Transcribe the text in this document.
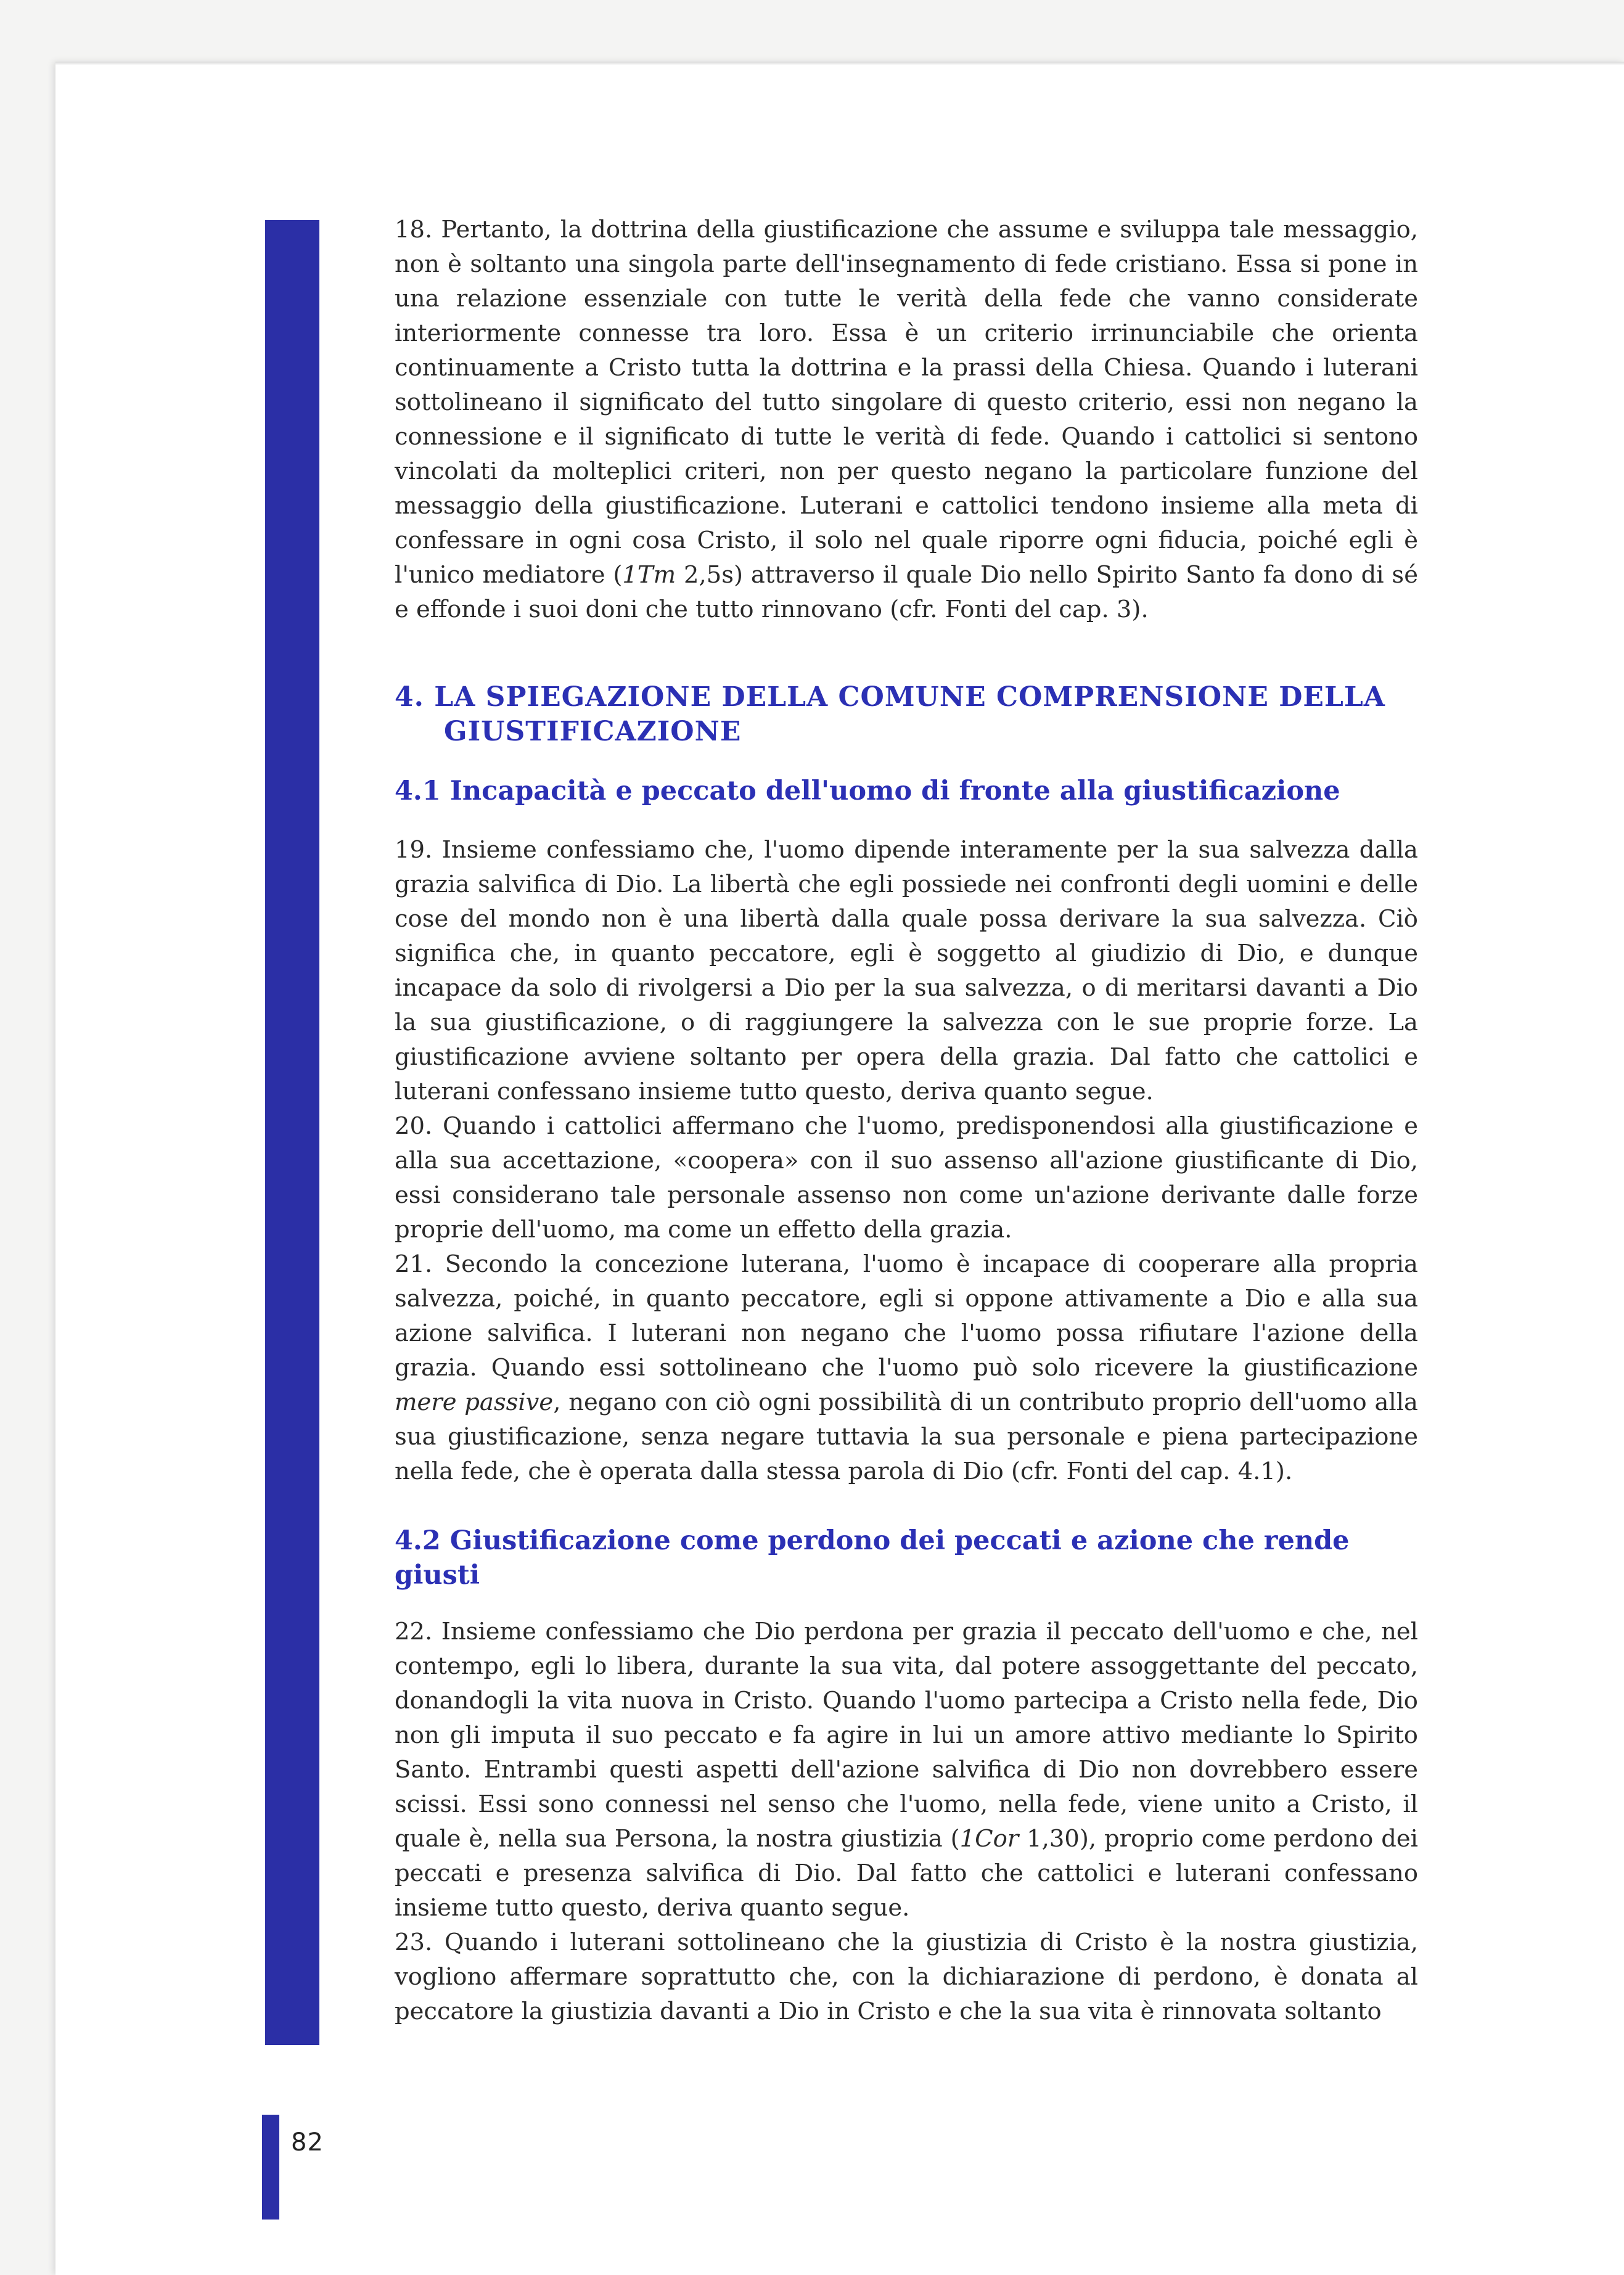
82

18. Pertanto, la dottrina della giustificazione che assume e sviluppa tale messaggio, non è soltanto una singola parte dell'insegnamento di fede cristiano. Essa si pone in una relazione essenziale con tutte le verità della fede che vanno considerate interiormente connesse tra loro. Essa è un criterio irrinunciabile che orienta continuamente a Cristo tutta la dottrina e la prassi della Chiesa. Quando i luterani sottolineano il significato del tutto singolare di questo criterio, essi non negano la connessione e il significato di tutte le verità di fede. Quando i cattolici si sentono vincolati da molteplici criteri, non per questo negano la particolare funzione del messaggio della giustificazione. Luterani e cattolici tendono insieme alla meta di confessare in ogni cosa Cristo, il solo nel quale riporre ogni fiducia, poiché egli è l'unico mediatore (1Tm 2,5s) attraverso il quale Dio nello Spirito Santo fa dono di sé e effonde i suoi doni che tutto rinnovano (cfr. Fonti del cap. 3).

4. LA SPIEGAZIONE DELLA COMUNE COMPRENSIONE DELLA GIUSTIFICAZIONE
4.1 Incapacità e peccato dell'uomo di fronte alla giustificazione

19. Insieme confessiamo che, l'uomo dipende interamente per la sua salvezza dalla grazia salvifica di Dio. La libertà che egli possiede nei confronti degli uomini e delle cose del mondo non è una libertà dalla quale possa derivare la sua salvezza. Ciò significa che, in quanto peccatore, egli è soggetto al giudizio di Dio, e dunque incapace da solo di rivolgersi a Dio per la sua salvezza, o di meritarsi davanti a Dio la sua giustificazione, o di raggiungere la salvezza con le sue proprie forze. La giustificazione avviene soltanto per opera della grazia. Dal fatto che cattolici e luterani confessano insieme tutto questo, deriva quanto segue.

20. Quando i cattolici affermano che l'uomo, predisponendosi alla giustificazione e alla sua accettazione, «coopera» con il suo assenso all'azione giustificante di Dio, essi considerano tale personale assenso non come un'azione derivante dalle forze proprie dell'uomo, ma come un effetto della grazia.

21. Secondo la concezione luterana, l'uomo è incapace di cooperare alla propria salvezza, poiché, in quanto peccatore, egli si oppone attivamente a Dio e alla sua azione salvifica. I luterani non negano che l'uomo possa rifiutare l'azione della grazia. Quando essi sottolineano che l'uomo può solo ricevere la giustificazione mere passive, negano con ciò ogni possibilità di un contributo proprio dell'uomo alla sua giustificazione, senza negare tuttavia la sua personale e piena partecipazione nella fede, che è operata dalla stessa parola di Dio (cfr. Fonti del cap. 4.1).

4.2 Giustificazione come perdono dei peccati e azione che rende giusti

22. Insieme confessiamo che Dio perdona per grazia il peccato dell'uomo e che, nel contempo, egli lo libera, durante la sua vita, dal potere assoggettante del peccato, donandogli la vita nuova in Cristo. Quando l'uomo partecipa a Cristo nella fede, Dio non gli imputa il suo peccato e fa agire in lui un amore attivo mediante lo Spirito Santo. Entrambi questi aspetti dell'azione salvifica di Dio non dovrebbero essere scissi. Essi sono connessi nel senso che l'uomo, nella fede, viene unito a Cristo, il quale è, nella sua Persona, la nostra giustizia (1Cor 1,30), proprio come perdono dei peccati e presenza salvifica di Dio. Dal fatto che cattolici e luterani confessano insieme tutto questo, deriva quanto segue.

23. Quando i luterani sottolineano che la giustizia di Cristo è la nostra giustizia, vogliono affermare soprattutto che, con la dichiarazione di perdono, è donata al peccatore la giustizia davanti a Dio in Cristo e che la sua vita è rinnovata soltanto
